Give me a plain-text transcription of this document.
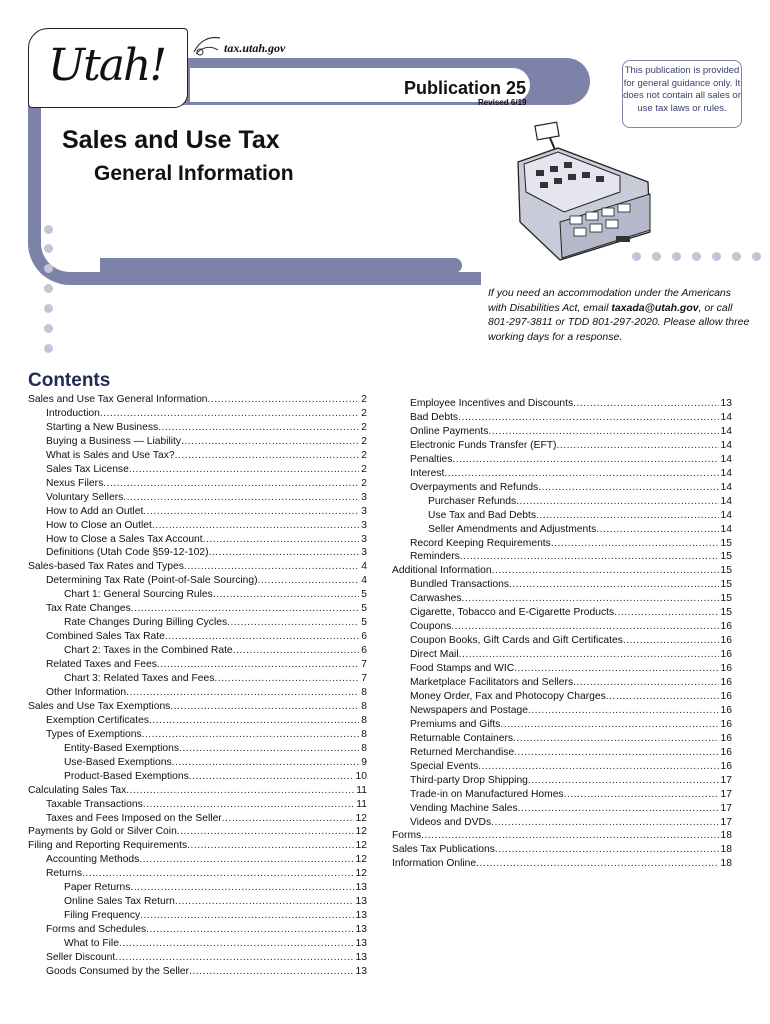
Utah!	tax.utah.gov
Publication 25
Revised 6/19
This publication is provided for general guidance only. It does not contain all sales or use tax laws or rules.
Sales and Use Tax
General Information
If you need an accommodation under the Americans with Disabilities Act, email taxada@utah.gov, or call 801-297-3811 or TDD 801-297-2020. Please allow three working days for a response.
Contents
Sales and Use Tax General Information .....	2
Introduction .....	2
Starting a New Business .....	2
Buying a Business — Liability .....	2
What is Sales and Use Tax? .....	2
Sales Tax License .....	2
Nexus Filers .....	2
Voluntary Sellers .....	3
How to Add an Outlet .....	3
How to Close an Outlet .....	3
How to Close a Sales Tax Account .....	3
Definitions (Utah Code §59-12-102) .....	3
Sales-based Tax Rates and Types .....	4
Determining Tax Rate (Point-of-Sale Sourcing) .....	4
Chart 1: General Sourcing Rules .....	5
Tax Rate Changes .....	5
Rate Changes During Billing Cycles .....	5
Combined Sales Tax Rate .....	6
Chart 2: Taxes in the Combined Rate .....	6
Related Taxes and Fees .....	7
Chart 3: Related Taxes and Fees .....	7
Other Information .....	8
Sales and Use Tax Exemptions .....	8
Exemption Certificates .....	8
Types of Exemptions .....	8
Entity-Based Exemptions .....	8
Use-Based Exemptions .....	9
Product-Based Exemptions .....	10
Calculating Sales Tax .....	11
Taxable Transactions .....	11
Taxes and Fees Imposed on the Seller .....	12
Payments by Gold or Silver Coin .....	12
Filing and Reporting Requirements .....	12
Accounting Methods .....	12
Returns .....	12
Paper Returns .....	13
Online Sales Tax Return .....	13
Filing Frequency .....	13
Forms and Schedules .....	13
What to File .....	13
Seller Discount .....	13
Goods Consumed by the Seller .....	13
Employee Incentives and Discounts .....	13
Bad Debts .....	14
Online Payments .....	14
Electronic Funds Transfer (EFT) .....	14
Penalties .....	14
Interest .....	14
Overpayments and Refunds .....	14
Purchaser Refunds .....	14
Use Tax and Bad Debts .....	14
Seller Amendments and Adjustments .....	14
Record Keeping Requirements .....	15
Reminders .....	15
Additional Information .....	15
Bundled Transactions .....	15
Carwashes .....	15
Cigarette, Tobacco and E-Cigarette Products .....	15
Coupons .....	16
Coupon Books, Gift Cards and Gift Certificates .....	16
Direct Mail .....	16
Food Stamps and WIC .....	16
Marketplace Facilitators and Sellers .....	16
Money Order, Fax and Photocopy Charges .....	16
Newspapers and Postage .....	16
Premiums and Gifts .....	16
Returnable Containers .....	16
Returned Merchandise .....	16
Special Events .....	16
Third-party Drop Shipping .....	17
Trade-in on Manufactured Homes .....	17
Vending Machine Sales .....	17
Videos and DVDs .....	17
Forms .....	18
Sales Tax Publications .....	18
Information Online .....	18
